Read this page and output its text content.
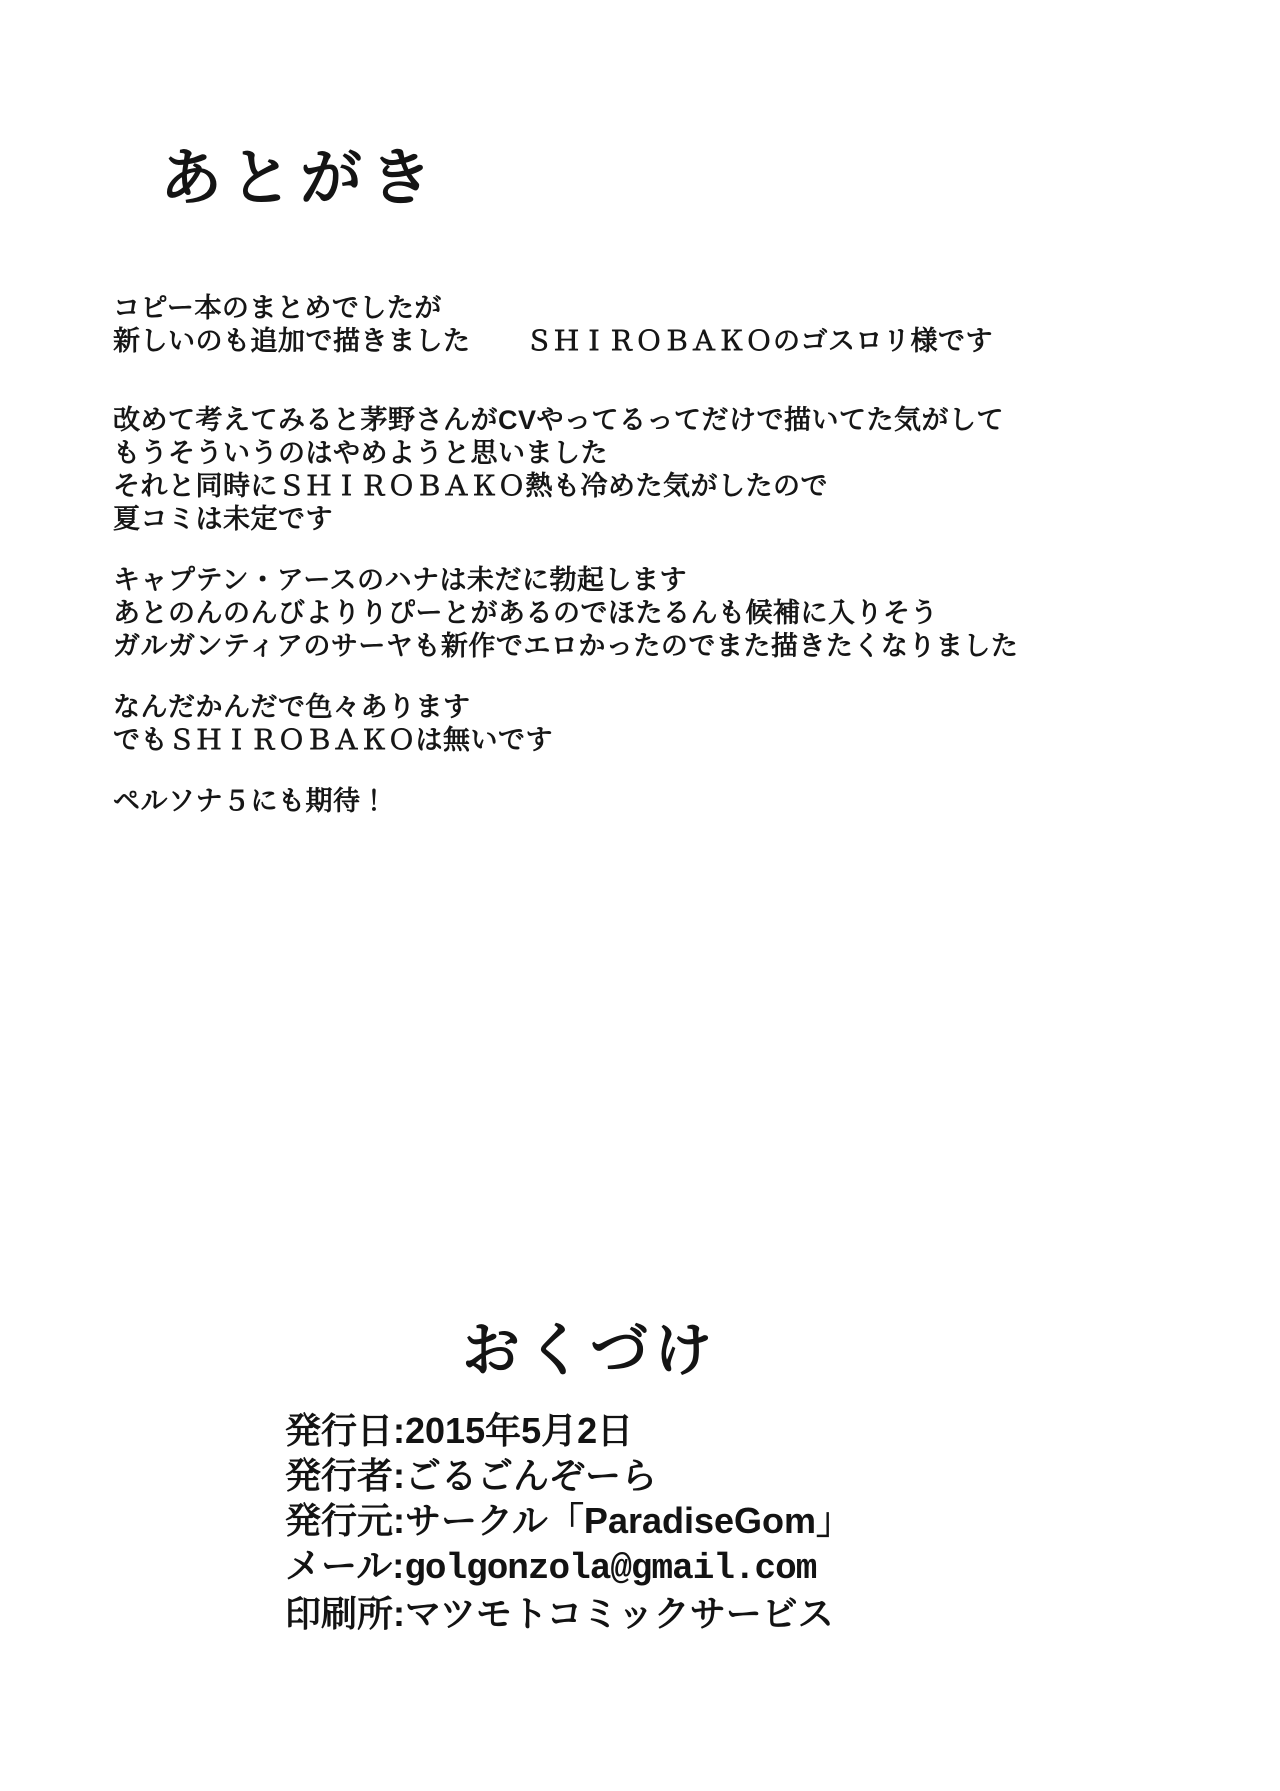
あとがき

コピー本のまとめでしたが
新しいのも追加で描きました　　ＳＨＩＲＯＢＡＫＯのゴスロリ様です

改めて考えてみると茅野さんがCVやってるってだけで描いてた気がして
もうそういうのはやめようと思いました
それと同時にＳＨＩＲＯＢＡＫＯ熱も冷めた気がしたので
夏コミは未定です

キャプテン・アースのハナは未だに勃起します
あとのんのんびよりりぴーとがあるのでほたるんも候補に入りそう
ガルガンティアのサーヤも新作でエロかったのでまた描きたくなりました

なんだかんだで色々あります
でもＳＨＩＲＯＢＡＫＯは無いです

ペルソナ５にも期待！

おくづけ
発行日:2015年5月2日
発行者:ごるごんぞーら
発行元:サークル「ParadiseGom」
メール:golgonzola@gmail.com
印刷所:マツモトコミックサービス
